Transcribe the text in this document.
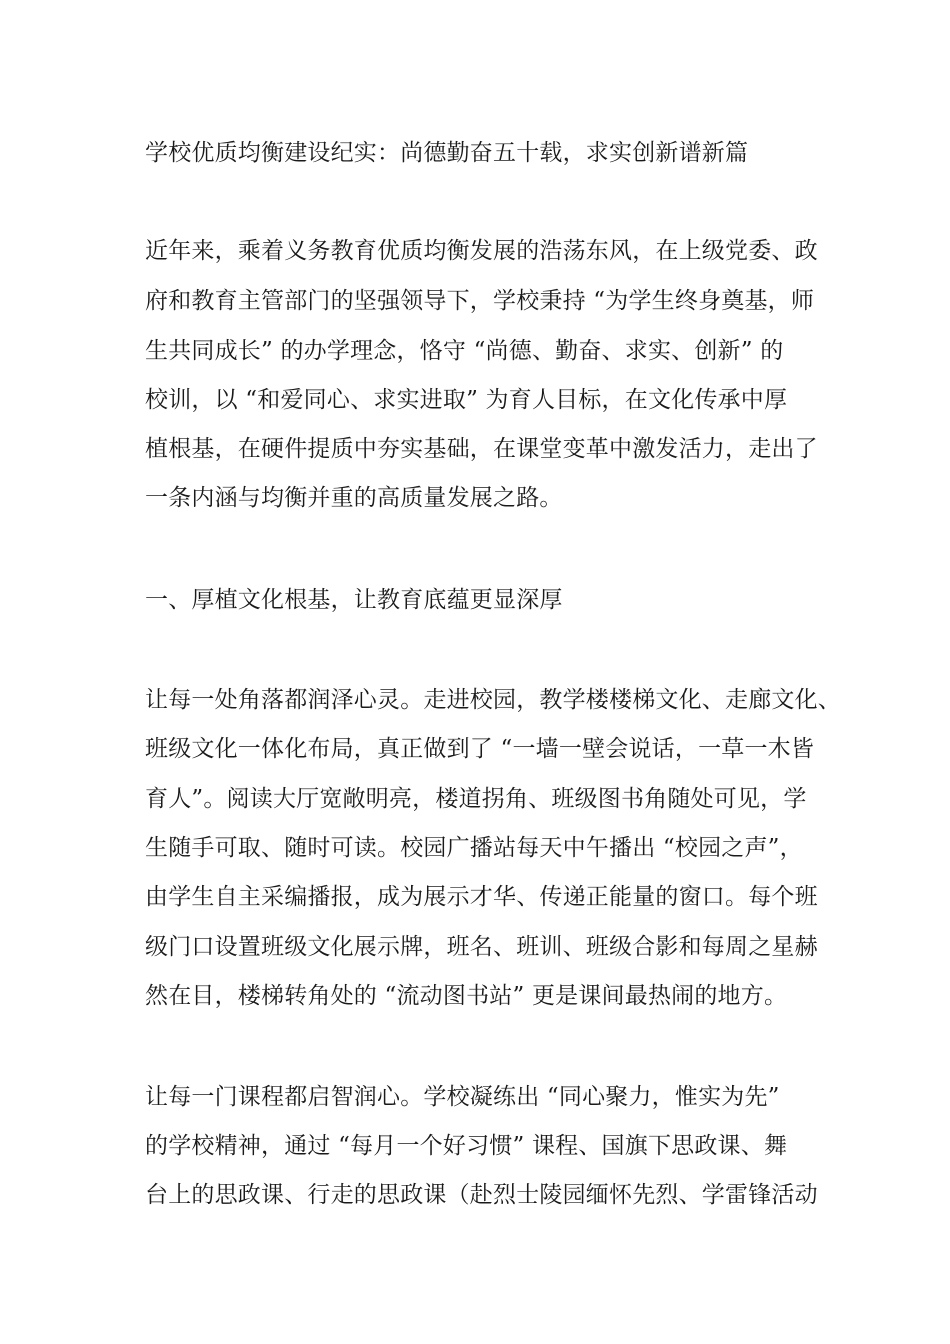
学校优质均衡建设纪实：尚德勤奋五十载，求实创新谱新篇
近年来，乘着义务教育优质均衡发展的浩荡东风，在上级党委、政
府和教育主管部门的坚强领导下，学校秉持 “为学生终身奠基，师
生共同成长” 的办学理念，恪守 “尚德、勤奋、求实、创新” 的
校训，以 “和爱同心、求实进取” 为育人目标，在文化传承中厚
植根基，在硬件提质中夯实基础，在课堂变革中激发活力，走出了
一条内涵与均衡并重的高质量发展之路。
一、厚植文化根基，让教育底蕴更显深厚
让每一处角落都润泽心灵。走进校园，教学楼楼梯文化、走廊文化、
班级文化一体化布局，真正做到了 “一墙一壁会说话，一草一木皆
育人”。阅读大厅宽敞明亮，楼道拐角、班级图书角随处可见，学
生随手可取、随时可读。校园广播站每天中午播出 “校园之声”，
由学生自主采编播报，成为展示才华、传递正能量的窗口。每个班
级门口设置班级文化展示牌，班名、班训、班级合影和每周之星赫
然在目，楼梯转角处的 “流动图书站” 更是课间最热闹的地方。
让每一门课程都启智润心。学校凝练出 “同心聚力，惟实为先”
的学校精神，通过 “每月一个好习惯” 课程、国旗下思政课、舞
台上的思政课、行走的思政课（赴烈士陵园缅怀先烈、学雷锋活动
